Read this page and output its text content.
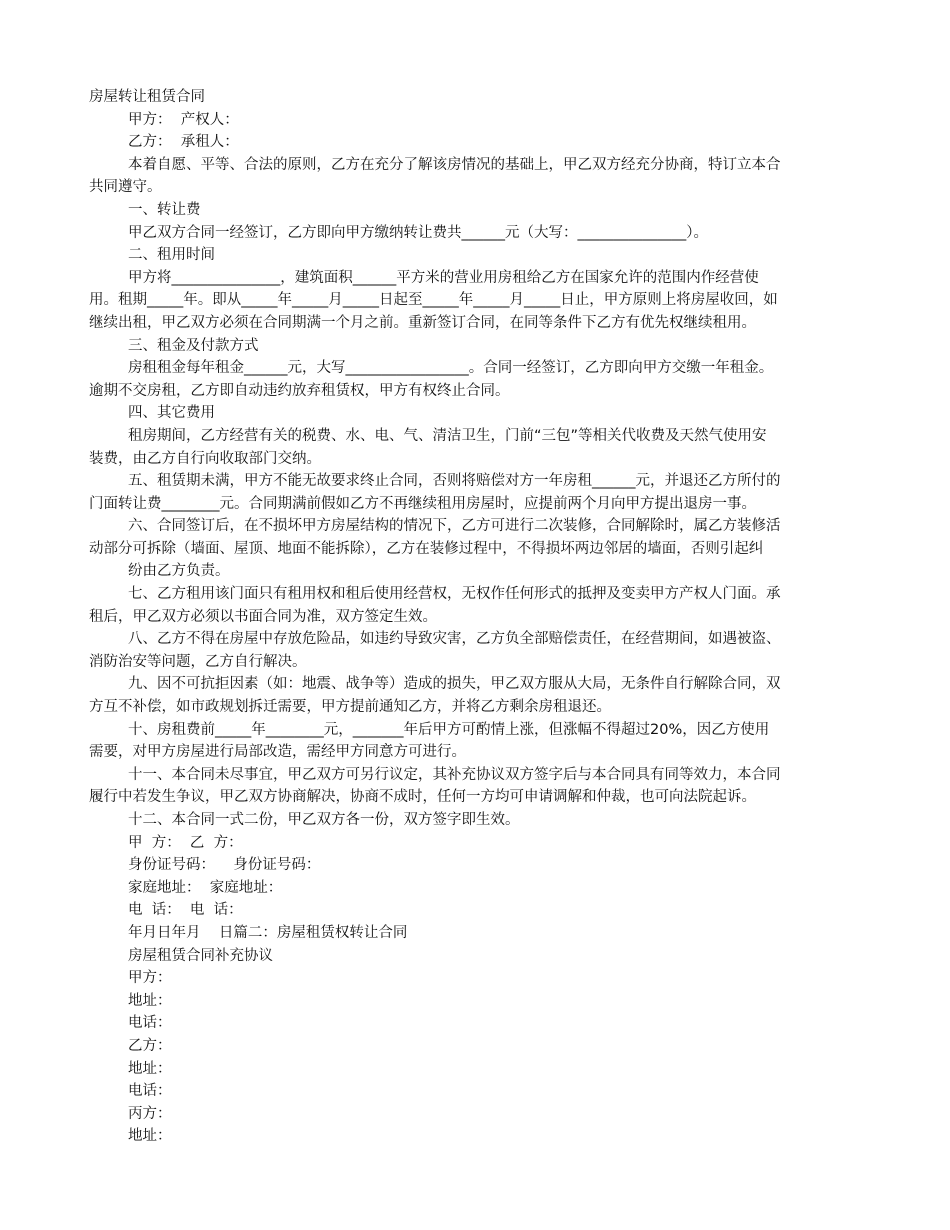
房屋转让租赁合同
甲方：  产权人：
乙方：  承租人：
本着自愿、平等、合法的原则，乙方在充分了解该房情况的基础上，甲乙双方经充分协商，特订立本合
共同遵守。
一、转让费
甲乙双方合同一经签订，乙方即向甲方缴纳转让费共______元（大写：_______________）。
二、租用时间
甲方将_______________，建筑面积______平方米的营业用房租给乙方在国家允许的范围内作经营使
用。租期_____年。即从_____年_____月_____日起至_____年_____月_____日止，甲方原则上将房屋收回，如
继续出租，甲乙双方必须在合同期满一个月之前。重新签订合同，在同等条件下乙方有优先权继续租用。
三、租金及付款方式
房租租金每年租金______元，大写_________________。合同一经签订，乙方即向甲方交缴一年租金。
逾期不交房租，乙方即自动违约放弃租赁权，甲方有权终止合同。
四、其它费用
租房期间，乙方经营有关的税费、水、电、气、清洁卫生，门前“三包”等相关代收费及天然气使用安
装费，由乙方自行向收取部门交纳。
五、租赁期未满，甲方不能无故要求终止合同，否则将赔偿对方一年房租______元，并退还乙方所付的
门面转让费________元。合同期满前假如乙方不再继续租用房屋时，应提前两个月向甲方提出退房一事。
六、合同签订后，在不损坏甲方房屋结构的情况下，乙方可进行二次装修，合同解除时，属乙方装修活
动部分可拆除（墙面、屋顶、地面不能拆除），乙方在装修过程中，不得损坏两边邻居的墙面，否则引起纠
纷由乙方负责。
七、乙方租用该门面只有租用权和租后使用经营权，无权作任何形式的抵押及变卖甲方产权人门面。承
租后，甲乙双方必须以书面合同为准，双方签定生效。
八、乙方不得在房屋中存放危险品，如违约导致灾害，乙方负全部赔偿责任，在经营期间，如遇被盗、
消防治安等问题，乙方自行解决。
九、因不可抗拒因素（如：地震、战争等）造成的损失，甲乙双方服从大局，无条件自行解除合同，双
方互不补偿，如市政规划拆迁需要，甲方提前通知乙方，并将乙方剩余房租退还。
十、房租费前_____年________元，_______年后甲方可酌情上涨，但涨幅不得超过20%，因乙方使用
需要，对甲方房屋进行局部改造，需经甲方同意方可进行。
十一、本合同未尽事宜，甲乙双方可另行议定，其补充协议双方签字后与本合同具有同等效力，本合同
履行中若发生争议，甲乙双方协商解决，协商不成时，任何一方均可申请调解和仲裁，也可向法院起诉。
十二、本合同一式二份，甲乙双方各一份，双方签字即生效。
甲  方：  乙  方：
身份证号码：    身份证号码：
家庭地址：  家庭地址：
电  话：  电  话：
年月日年月    日篇二：房屋租赁权转让合同
房屋租赁合同补充协议
甲方：
地址：
电话：
乙方：
地址：
电话：
丙方：
地址：
